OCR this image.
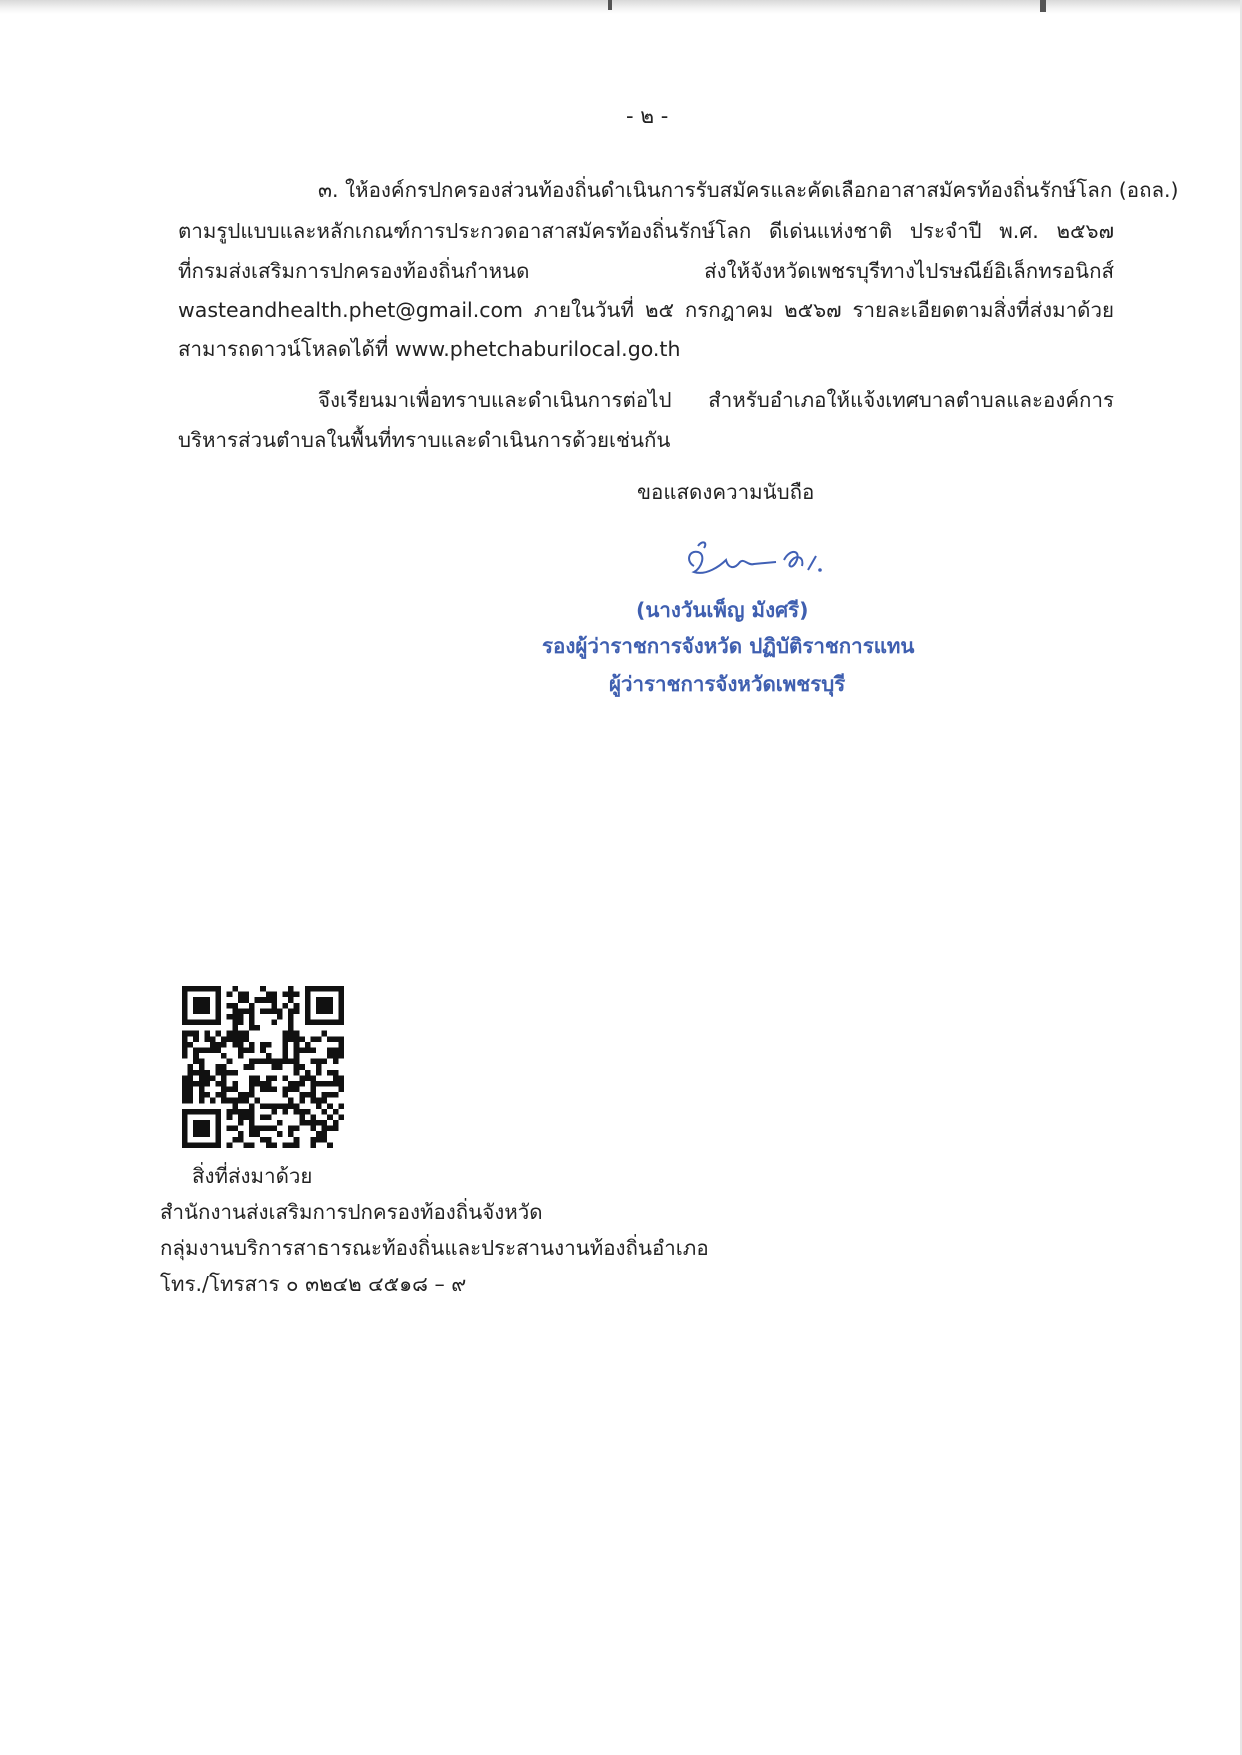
- ๒ -
๓. ให้องค์กรปกครองส่วนท้องถิ่นดำเนินการรับสมัครและคัดเลือกอาสาสมัครท้องถิ่นรักษ์โลก (อถล.)
ตามรูปแบบและหลักเกณฑ์การประกวดอาสาสมัครท้องถิ่นรักษ์โลก ดีเด่นแห่งชาติ ประจำปี พ.ศ. ๒๕๖๗
ที่กรมส่งเสริมการปกครองท้องถิ่นกำหนด ส่งให้จังหวัดเพชรบุรีทางไปรษณีย์อิเล็กทรอนิกส์
wasteandhealth.phet@gmail.com ภายในวันที่ ๒๕ กรกฎาคม ๒๕๖๗ รายละเอียดตามสิ่งที่ส่งมาด้วย
สามารถดาวน์โหลดได้ที่ www.phetchaburilocal.go.th
จึงเรียนมาเพื่อทราบและดำเนินการต่อไป สำหรับอำเภอให้แจ้งเทศบาลตำบลและองค์การ
บริหารส่วนตำบลในพื้นที่ทราบและดำเนินการด้วยเช่นกัน
ขอแสดงความนับถือ
(นางวันเพ็ญ มังศรี)
รองผู้ว่าราชการจังหวัด ปฏิบัติราชการแทน
ผู้ว่าราชการจังหวัดเพชรบุรี
สิ่งที่ส่งมาด้วย
สำนักงานส่งเสริมการปกครองท้องถิ่นจังหวัด
กลุ่มงานบริการสาธารณะท้องถิ่นและประสานงานท้องถิ่นอำเภอ
โทร./โทรสาร ๐ ๓๒๔๒ ๔๕๑๘ – ๙
